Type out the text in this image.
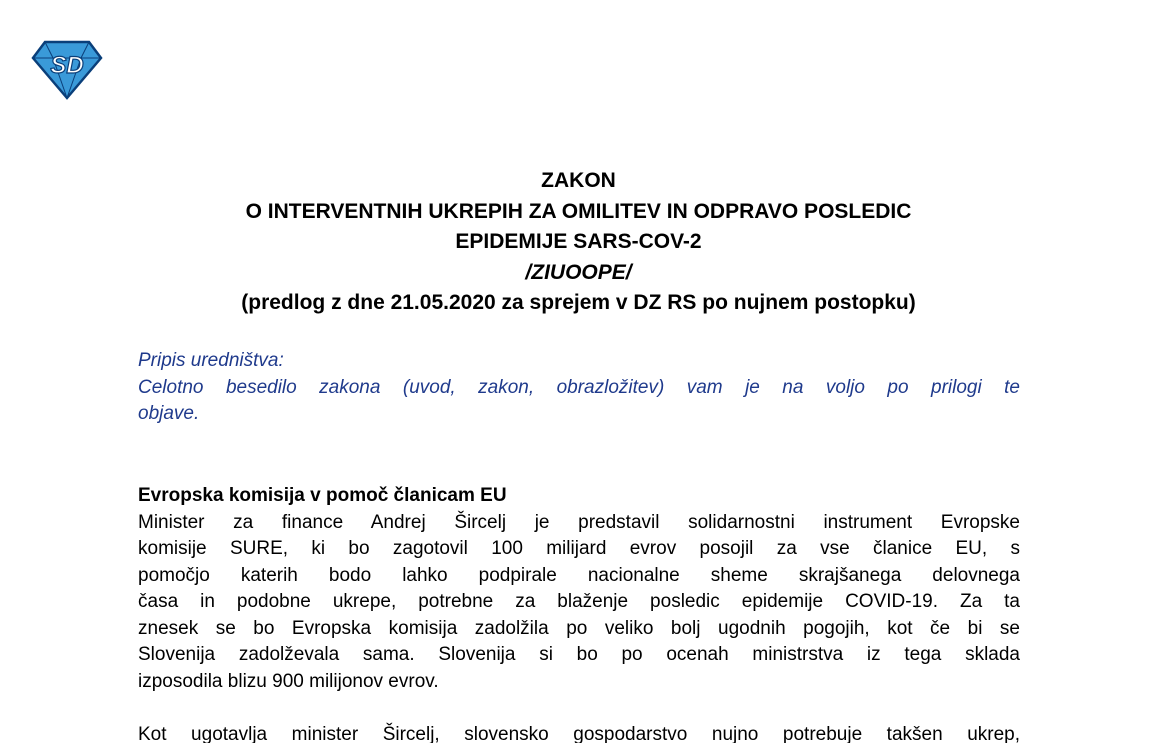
SD
ZAKON
O INTERVENTNIH UKREPIH ZA OMILITEV IN ODPRAVO POSLEDIC
EPIDEMIJE SARS-COV-2
/ZIUOOPE/
(predlog z dne 21.05.2020 za sprejem v DZ RS po nujnem postopku)
Pripis uredništva:
Celotno besedilo zakona (uvod, zakon, obrazložitev) vam je na voljo po prilogi te
objave.
Evropska komisija v pomoč članicam EU
Minister za finance Andrej Šircelj je predstavil solidarnostni instrument Evropske
komisije SURE, ki bo zagotovil 100 milijard evrov posojil za vse članice EU, s
pomočjo katerih bodo lahko podpirale nacionalne sheme skrajšanega delovnega
časa in podobne ukrepe, potrebne za blaženje posledic epidemije COVID-19. Za ta
znesek se bo Evropska komisija zadolžila po veliko bolj ugodnih pogojih, kot če bi se
Slovenija zadolževala sama. Slovenija si bo po ocenah ministrstva iz tega sklada
izposodila blizu 900 milijonov evrov.
Kot ugotavlja minister Šircelj, slovensko gospodarstvo nujno potrebuje takšen ukrep,
